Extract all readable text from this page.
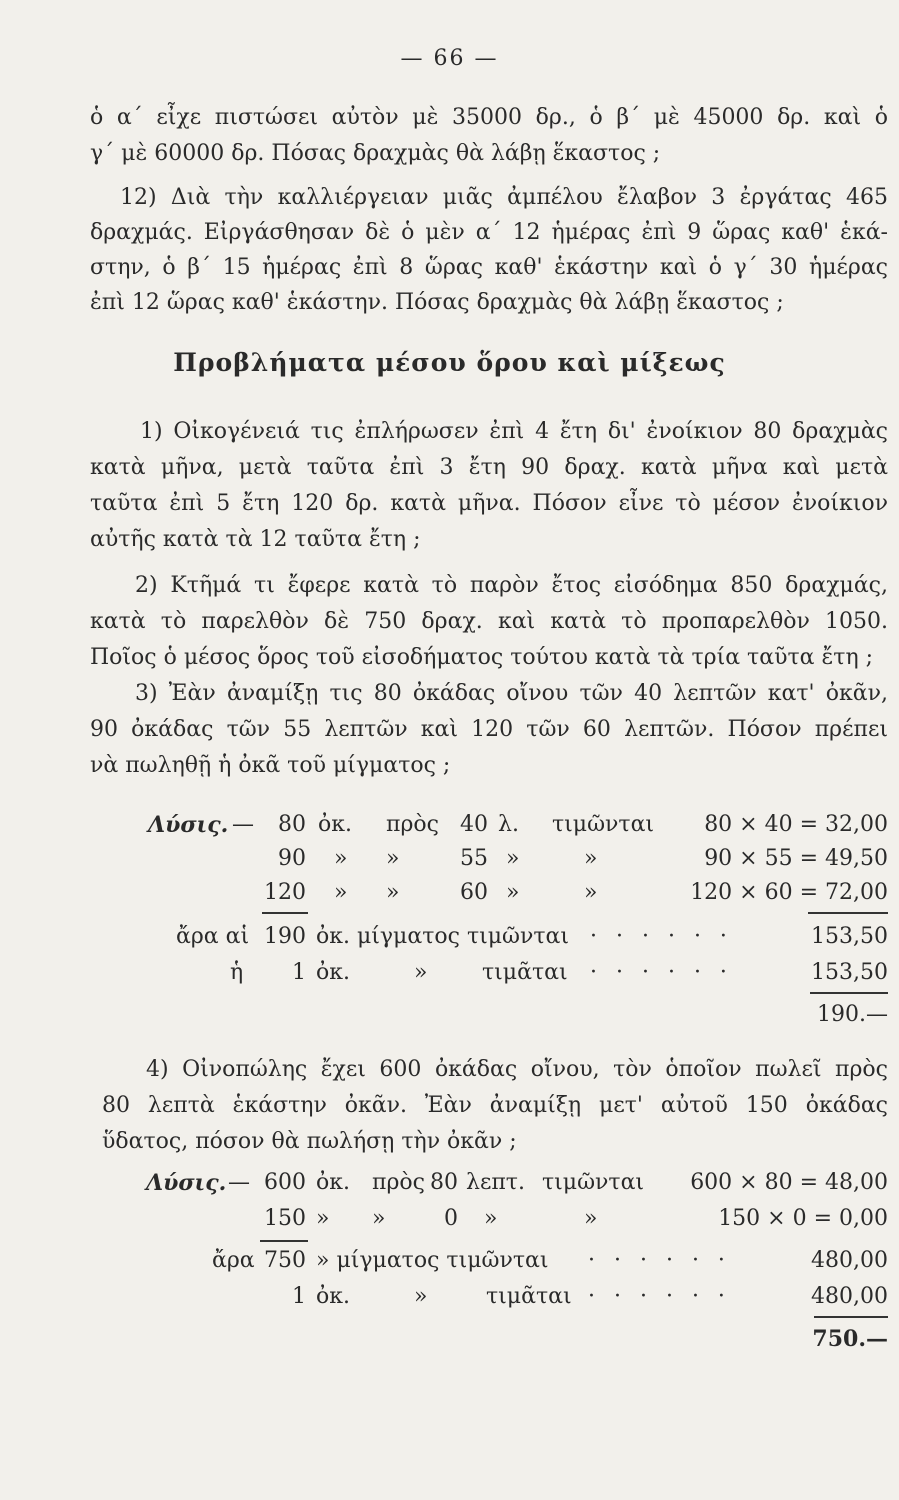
— 66 —
ὁ α΄ εἶχε πιστώσει αὐτὸν μὲ 35000 δρ., ὁ β΄ μὲ 45000 δρ. καὶ ὁ
γ΄ μὲ 60000 δρ. Πόσας δραχμὰς θὰ λάβῃ ἕκαστος ;
12) Διὰ τὴν καλλιέργειαν μιᾶς ἀμπέλου ἔλαβον 3 ἐργάτας 465
δραχμάς. Εἰργάσθησαν δὲ ὁ μὲν α΄ 12 ἡμέρας ἐπὶ 9 ὥρας καθ' ἑκά-
στην, ὁ β΄ 15 ἡμέρας ἐπὶ 8 ὥρας καθ' ἑκάστην καὶ ὁ γ΄ 30 ἡμέρας
ἐπὶ 12 ὥρας καθ' ἑκάστην. Πόσας δραχμὰς θὰ λάβῃ ἕκαστος ;
Προβλήματα μέσου ὅρου καὶ μίξεως
1) Οἰκογένειά τις ἐπλήρωσεν ἐπὶ 4 ἔτη δι' ἐνοίκιον 80 δραχμὰς
κατὰ μῆνα, μετὰ ταῦτα ἐπὶ 3 ἔτη 90 δραχ. κατὰ μῆνα καὶ μετὰ
ταῦτα ἐπὶ 5 ἔτη 120 δρ. κατὰ μῆνα. Πόσον εἶνε τὸ μέσον ἐνοίκιον
αὐτῆς κατὰ τὰ 12 ταῦτα ἔτη ;
2) Κτῆμά τι ἔφερε κατὰ τὸ παρὸν ἔτος εἰσόδημα 850 δραχμάς,
κατὰ τὸ παρελθὸν δὲ 750 δραχ. καὶ κατὰ τὸ προπαρελθὸν 1050.
Ποῖος ὁ μέσος ὅρος τοῦ εἰσοδήματος τούτου κατὰ τὰ τρία ταῦτα ἔτη ;
3) Ἐὰν ἀναμίξῃ τις 80 ὀκάδας οἴνου τῶν 40 λεπτῶν κατ' ὀκᾶν,
90 ὀκάδας τῶν 55 λεπτῶν καὶ 120 τῶν 60 λεπτῶν. Πόσον πρέπει
νὰ πωληθῇ ἡ ὀκᾶ τοῦ μίγματος ;
Λύσις. —	80 ὀκ. πρὸς 40 λ. τιμῶνται	80 × 40 = 32,00
90 » »	55 »	»	90 × 55 = 49,50
120 » »	60 »	»	120 × 60 = 72,00
ἄρα αἱ 190 ὀκ. μίγματος τιμῶνται · · · · · ·	153,50
ἡ	1 ὀκ.	» τιμᾶται · · · · · ·	153,50
190.—
4) Οἰνοπώλης ἔχει 600 ὀκάδας οἴνου, τὸν ὁποῖον πωλεῖ πρὸς
80 λεπτὰ ἑκάστην ὀκᾶν. Ἐὰν ἀναμίξῃ μετ' αὐτοῦ 150 ὀκάδας
ὕδατος, πόσον θὰ πωλήσῃ τὴν ὀκᾶν ;
Λύσις. — 600 ὀκ. πρὸς 80 λεπτ. τιμῶνται	600 × 80 = 48,00
150 » »	0 »	»	150 × 0 = 0,00
ἄρα 750 » μίγματος τιμῶνται · · · · · ·	480,00
1 ὀκ.	»	τιμᾶται · · · · · ·	480,00
750.—
